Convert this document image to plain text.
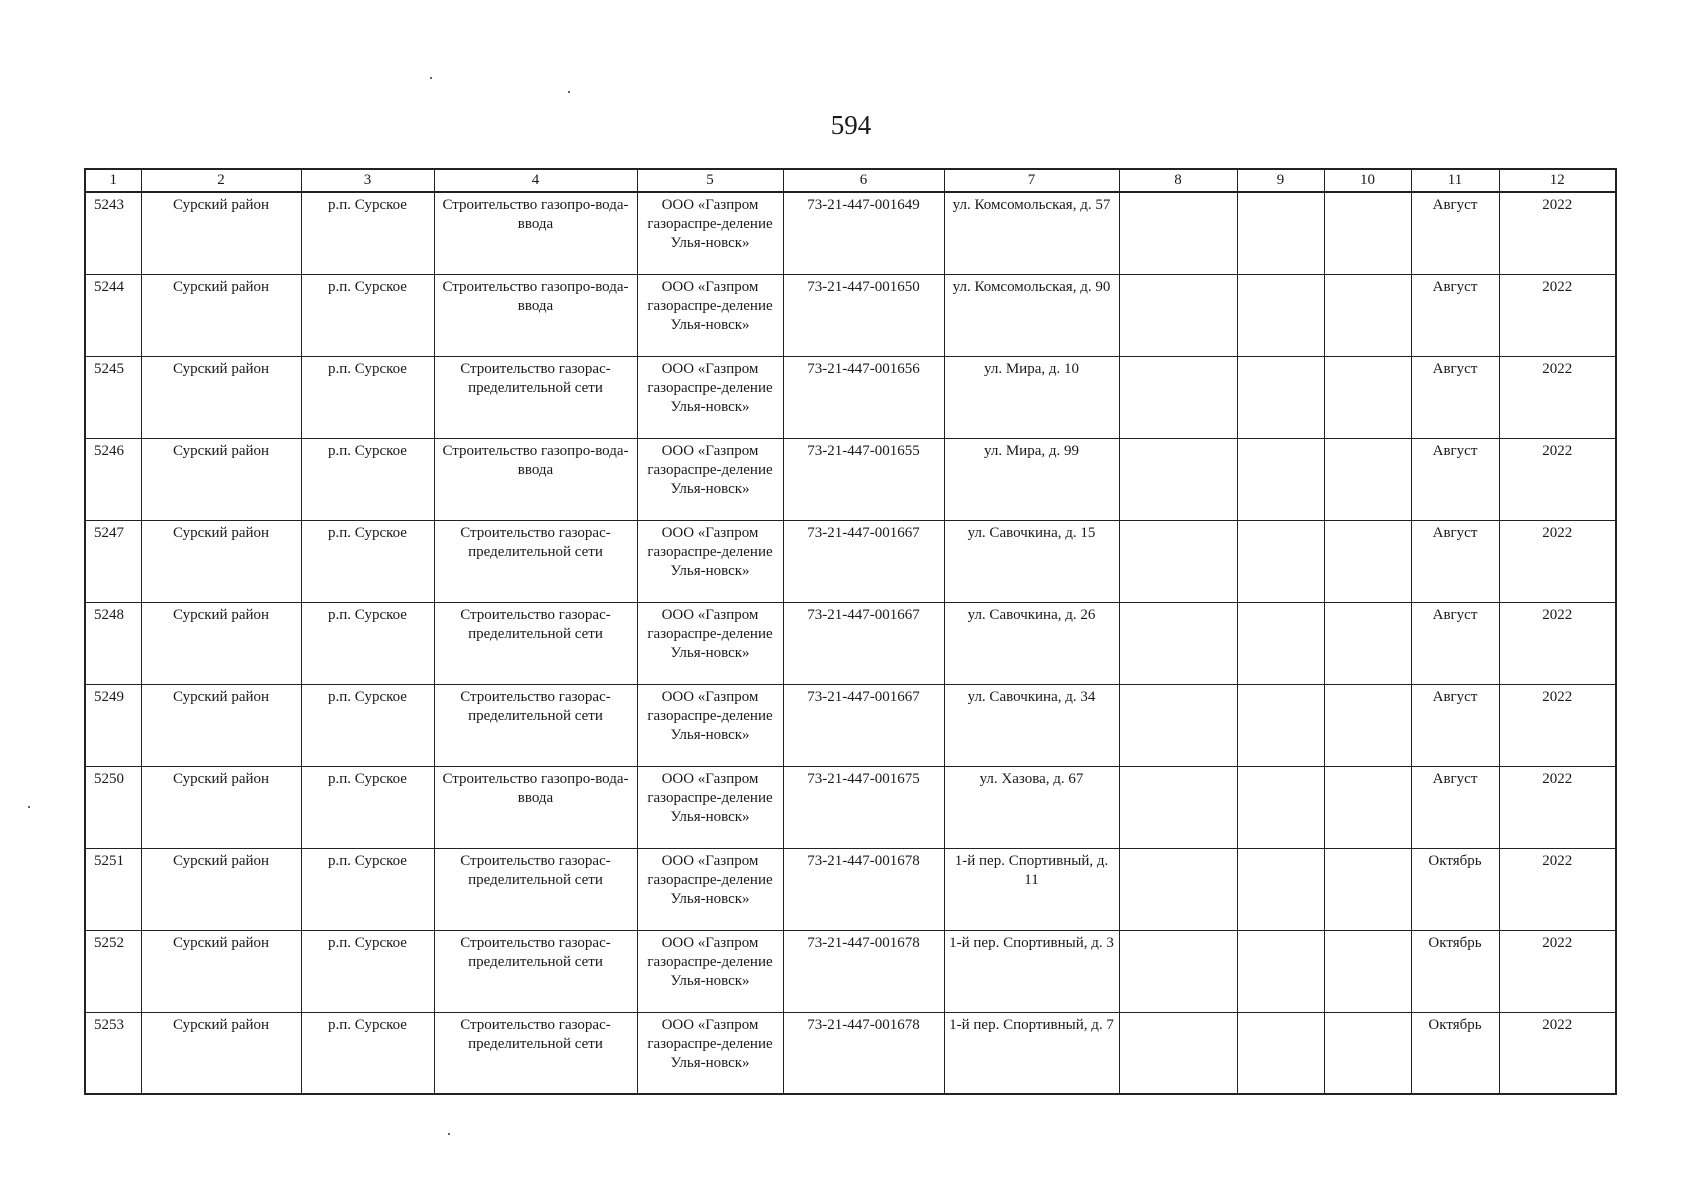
594
1	2	3	4	5	6	7	8	9	10	11	12
5243	Сурский район	р.п. Сурское	Строительство газопро-вода-ввода	ООО «Газпром газораспре-деление Улья-новск»	73-21-447-001649	ул. Комсомольская, д. 57				Август	2022
5244	Сурский район	р.п. Сурское	Строительство газопро-вода-ввода	ООО «Газпром газораспре-деление Улья-новск»	73-21-447-001650	ул. Комсомольская, д. 90				Август	2022
5245	Сурский район	р.п. Сурское	Строительство газорас-пределительной сети	ООО «Газпром газораспре-деление Улья-новск»	73-21-447-001656	ул. Мира, д. 10				Август	2022
5246	Сурский район	р.п. Сурское	Строительство газопро-вода-ввода	ООО «Газпром газораспре-деление Улья-новск»	73-21-447-001655	ул. Мира, д. 99				Август	2022
5247	Сурский район	р.п. Сурское	Строительство газорас-пределительной сети	ООО «Газпром газораспре-деление Улья-новск»	73-21-447-001667	ул. Савочкина, д. 15				Август	2022
5248	Сурский район	р.п. Сурское	Строительство газорас-пределительной сети	ООО «Газпром газораспре-деление Улья-новск»	73-21-447-001667	ул. Савочкина, д. 26				Август	2022
5249	Сурский район	р.п. Сурское	Строительство газорас-пределительной сети	ООО «Газпром газораспре-деление Улья-новск»	73-21-447-001667	ул. Савочкина, д. 34				Август	2022
5250	Сурский район	р.п. Сурское	Строительство газопро-вода-ввода	ООО «Газпром газораспре-деление Улья-новск»	73-21-447-001675	ул. Хазова, д. 67				Август	2022
5251	Сурский район	р.п. Сурское	Строительство газорас-пределительной сети	ООО «Газпром газораспре-деление Улья-новск»	73-21-447-001678	1-й пер. Спортивный, д. 11				Октябрь	2022
5252	Сурский район	р.п. Сурское	Строительство газорас-пределительной сети	ООО «Газпром газораспре-деление Улья-новск»	73-21-447-001678	1-й пер. Спортивный, д. 3				Октябрь	2022
5253	Сурский район	р.п. Сурское	Строительство газорас-пределительной сети	ООО «Газпром газораспре-деление Улья-новск»	73-21-447-001678	1-й пер. Спортивный, д. 7				Октябрь	2022
